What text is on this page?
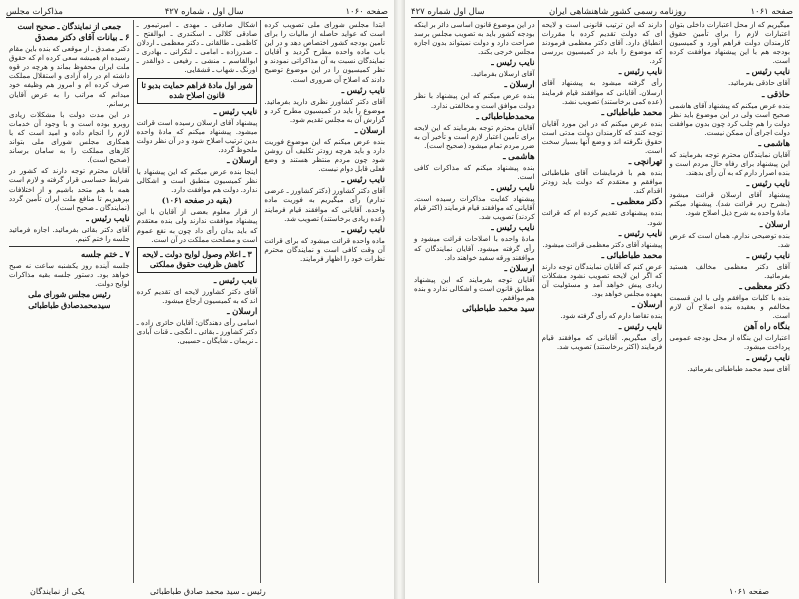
صفحه ۱۰۶۰
سال اول ، شماره ۴۲۷
مذاکرات مجلس

ابتدا مجلس شورای ملی تصویب کرده است که عواید حاصله از مالیات را برای تأمین بودجه کشور اختصاص دهد و در این باب ماده واحده مطرح گردید و آقایان نمایندگان نسبت به آن مذاکراتی نمودند و نظر کمیسیون را در این موضوع توضیح دادند که اصلاح آن ضروری است.

نایب رئیس ـ

آقای دکتر کشاورز نظری دارید بفرمائید. موضوع را باید در کمیسیون مطرح کرد و گزارش آن به مجلس تقدیم شود.

ارسلان ـ

بنده عرض میکنم که این موضوع فوریت دارد و باید هرچه زودتر تکلیف آن روشن شود چون مردم منتظر هستند و وضع فعلی قابل دوام نیست.

نایب رئیس ـ

آقای دکتر کشاورز (دکتر کشاورز ـ عرضی ندارم) رأی میگیریم به فوریت ماده واحده. آقایانی که موافقند قیام فرمایند (عده زیادی برخاستند) تصویب شد.

نایب رئیس ـ

ماده واحده قرائت میشود که برای قرائت آن وقت کافی است و نمایندگان محترم نظرات خود را اظهار فرمایند.

اشکال صادقی ـ مهدی ـ امیرتیمور ـ صادقی کلالی ـ اسکندری ـ ابوالفتح ـ کاظمی ـ طالقانی ـ دکتر معظمی ـ اردلان ـ صدرزاده ـ امامی ـ لنکرانی ـ بهادری ـ ابوالقاسم ـ منشی ـ رفیعی ـ ذوالقدر ـ اورنگ ـ شهاب ـ قشقایی.

شور اول مادهٔ فراهم حمایت بدبو تا قانون اصلاح شده
نایب رئیس ـ

پیشنهاد آقای ارسلان رسیده است قرائت میشود. پیشنهاد میکنم که مادهٔ واحده بدین ترتیب اصلاح شود و در آن نظر دولت ملحوظ گردد.

ارسلان ـ

اینجا بنده عرض میکنم که این پیشنهاد با نظر کمیسیون منطبق است و اشکالی ندارد. دولت هم موافقت دارد.

(بقیه در صفحه ۱۰۶۱)

از قرار معلوم بعضی از آقایان با این پیشنهاد موافقت ندارند ولی بنده معتقدم که باید بدان رأی داد چون به نفع عموم است و مصلحت مملکت در آن است.

۳ ـ اعلام وصول لوایح دولت ـ لایحه کاهش ظرفیت حقوق مملکتی
نایب رئیس ـ

آقای دکتر کشاورز لایحه ای تقدیم کرده اند که به کمیسیون ارجاع میشود.

ارسلان ـ

اسامی رأی دهندگان: آقایان حائری زاده ـ دکتر کشاورز ـ بقائی ـ انگجی ـ قنات آبادی ـ نریمان ـ شایگان ـ حسیبی.

جمعی از نمایندگان ـ صحیح است
۶ ـ بیانات آقای دکتر مصدق

دکتر مصدق ـ از موقعی که بنده باین مقام رسیده ام همیشه سعی کرده ام که حقوق ملت ایران محفوظ بماند و هرچه در قوه داشته ام در راه آزادی و استقلال مملکت صرف کرده ام و امروز هم وظیفه خود میدانم که مراتب را به عرض آقایان برسانم.

در این مدت دولت با مشکلات زیادی روبرو بوده است و با وجود آن خدمات لازم را انجام داده و امید است که با همکاری مجلس شورای ملی بتواند کارهای مملکت را به سامان برساند (صحیح است).

آقایان محترم توجه دارند که کشور در شرایط حساسی قرار گرفته و لازم است همه با هم متحد باشیم و از اختلافات بپرهیزیم تا منافع ملت ایران تأمین گردد (نمایندگان ـ صحیح است).

نایب رئیس ـ

آقای دکتر بقائی بفرمائید. اجازه فرمائید جلسه را ختم کنیم.

۷ ـ ختم جلسه

جلسه آینده روز یکشنبه ساعت نه صبح خواهد بود. دستور جلسه بقیه مذاکرات لوایح دولت.

رئیس مجلس شورای ملی
سیدمحمدصادق طباطبائی
رئیس ـ سید محمد صادق طباطبائی
یکی از نمایندگان
صفحه ۱۰۶۱
روزنامه رسمی کشور شاهنشاهی ایران
سال اول شماره ۴۲۷

میگیریم که از محل اعتبارات داخلی بتوان اعتبارات لازم را برای تأمین حقوق کارمندان دولت فراهم آورد و کمیسیون بودجه هم با این پیشنهاد موافقت کرده است.

نایب رئیس ـ

آقای حاذقی بفرمائید.

حاذقی ـ

بنده عرض میکنم که پیشنهاد آقای هاشمی صحیح است ولی در این موضوع باید نظر دولت را هم جلب کرد چون بدون موافقت دولت اجرای آن ممکن نیست.

هاشمی ـ

آقایان نمایندگان محترم توجه بفرمایند که این پیشنهاد برای رفاه حال مردم است و بنده اصرار دارم که به آن رأی بدهند.

نایب رئیس ـ

پیشنهاد آقای ارسلان قرائت میشود (بشرح زیر قرائت شد). پیشنهاد میکنم مادهٔ واحده به شرح ذیل اصلاح شود.

ارسلان ـ

بنده توضیحی ندارم. همان است که عرض شد.

نایب رئیس ـ

آقای دکتر معظمی مخالف هستید بفرمائید.

دکتر معظمی ـ

بنده با کلیات موافقم ولی با این قسمت مخالفم و بعقیده بنده اصلاح آن لازم است.

بنگاه راه آهن

اعتبارات این بنگاه از محل بودجه عمومی پرداخت میشود.

نایب رئیس ـ

آقای سید محمد طباطبائی بفرمائید.

دارند که این ترتیب قانونی است و لایحه ای که دولت تقدیم کرده با مقررات انطباق دارد. آقای دکتر معظمی فرمودند که موضوع را باید در کمیسیون بررسی کرد.

نایب رئیس ـ

رأی گرفته میشود به پیشنهاد آقای ارسلان. آقایانی که موافقند قیام فرمایند (عده کمی برخاستند) تصویب نشد.

محمد طباطبائی ـ

بنده عرض میکنم که در این مورد آقایان توجه کنند که کارمندان دولت مدتی است حقوق نگرفته اند و وضع آنها بسیار سخت است.

تهرانچی ـ

بنده هم با فرمایشات آقای طباطبائی موافقم و معتقدم که دولت باید زودتر اقدام کند.

دکتر معظمی ـ

بنده پیشنهادی تقدیم کرده ام که قرائت شود.

نایب رئیس ـ

پیشنهاد آقای دکتر معظمی قرائت میشود.

محمد طباطبائی ـ

عرض کنم که آقایان نمایندگان توجه دارند که اگر این لایحه تصویب نشود مشکلات زیادی پیش خواهد آمد و مسئولیت آن بعهده مجلس خواهد بود.

ارسلان ـ

بنده تقاضا دارم که رأی گرفته شود.

نایب رئیس ـ

رأی میگیریم. آقایانی که موافقند قیام فرمایند (اکثر برخاستند) تصویب شد.

در این موضوع قانون اساسی دائر بر اینکه بودجه کشور باید به تصویب مجلس برسد صراحت دارد و دولت نمیتواند بدون اجازه مجلس خرجی بکند.

نایب رئیس ـ

آقای ارسلان بفرمائید.

ارسلان ـ

بنده عرض میکنم که این پیشنهاد با نظر دولت موافق است و مخالفتی ندارد.

محمدطباطبائی ـ

آقایان محترم توجه بفرمایند که این لایحه برای تأمین اعتبار لازم است و تأخیر آن به ضرر مردم تمام میشود (صحیح است).

هاشمی ـ

بنده پیشنهاد میکنم که مذاکرات کافی است.

نایب رئیس ـ

پیشنهاد کفایت مذاکرات رسیده است. آقایانی که موافقند قیام فرمایند (اکثر قیام کردند) تصویب شد.

نایب رئیس ـ

مادهٔ واحده با اصلاحات قرائت میشود و رأی گرفته میشود. آقایان نمایندگان که موافقند ورقه سفید خواهند داد.

ارسلان ـ

آقایان توجه بفرمایند که این پیشنهاد مطابق قانون است و اشکالی ندارد و بنده هم موافقم.

سید محمد طباطبائی
صفحه ۱۰۶۱
